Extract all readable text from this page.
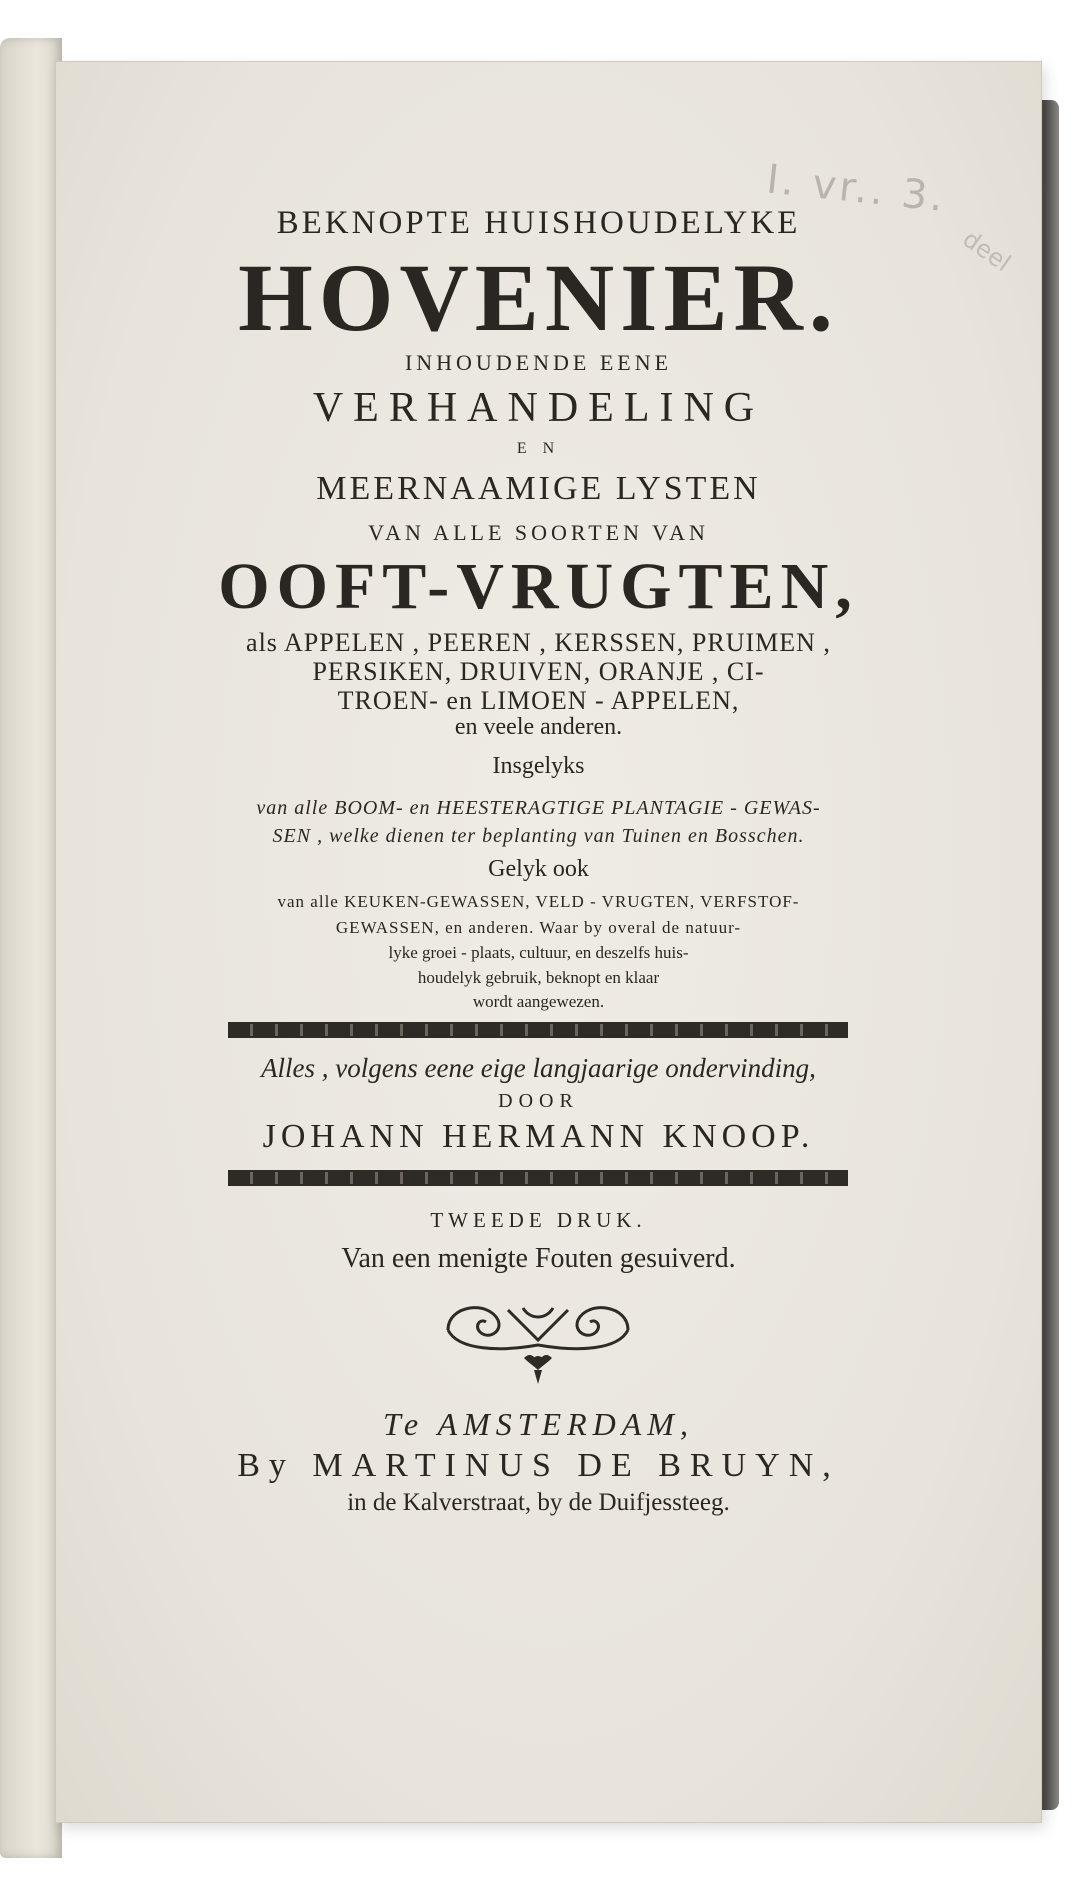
I. vr.. 3.
deel
BEKNOPTE HUISHOUDELYKE
HOVENIER.
INHOUDENDE EENE
VERHANDELING
E N
MEERNAAMIGE LYSTEN
VAN ALLE SOORTEN VAN
OOFT-VRUGTEN,
als APPELEN , PEEREN , KERSSEN, PRUIMEN ,
PERSIKEN, DRUIVEN, ORANJE , CI-
TROEN- en LIMOEN - APPELEN,
en veele anderen.
Insgelyks
van alle BOOM- en HEESTERAGTIGE PLANTAGIE - GEWAS-
SEN , welke dienen ter beplanting van Tuinen en Bosschen.
Gelyk ook
van alle KEUKEN-GEWASSEN, VELD - VRUGTEN, VERFSTOF-
GEWASSEN, en anderen. Waar by overal de natuur-
lyke groei - plaats, cultuur, en deszelfs huis-
houdelyk gebruik, beknopt en klaar
wordt aangewezen.
Alles , volgens eene eige langjaarige ondervinding,
DOOR
JOHANN HERMANN KNOOP.
TWEEDE DRUK.
Van een menigte Fouten gesuiverd.
Te AMSTERDAM,
By MARTINUS DE BRUYN,
in de Kalverstraat, by de Duifjessteeg.
